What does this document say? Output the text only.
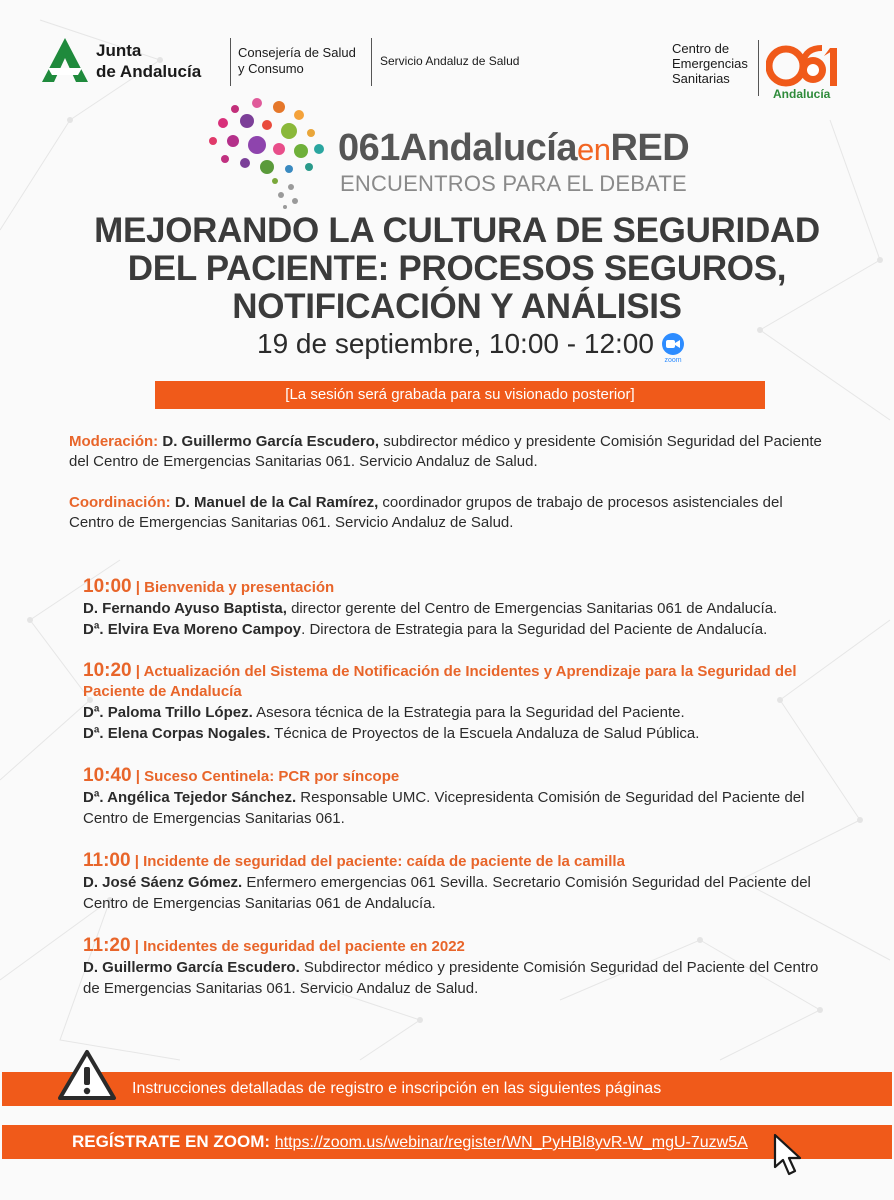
Junta
de Andalucía
Consejería de Salud
y Consumo	Servicio Andaluz de Salud
Centro de
Emergencias
Sanitarias
Andalucía
061AndalucíaenRED
ENCUENTROS PARA EL DEBATE
MEJORANDO LA CULTURA DE SEGURIDAD
DEL PACIENTE: PROCESOS SEGUROS,
NOTIFICACIÓN Y ANÁLISIS
19 de septiembre, 10:00 - 12:00
zoom
[La sesión será grabada para su visionado posterior]
Moderación: D. Guillermo García Escudero, subdirector médico y presidente Comisión Seguridad del Paciente
del Centro de Emergencias Sanitarias 061. Servicio Andaluz de Salud.
Coordinación: D. Manuel de la Cal Ramírez, coordinador grupos de trabajo de procesos asistenciales del
Centro de Emergencias Sanitarias 061. Servicio Andaluz de Salud.
10:00 | Bienvenida y presentación
D. Fernando Ayuso Baptista, director gerente del Centro de Emergencias Sanitarias 061 de Andalucía.
Dª. Elvira Eva Moreno Campoy. Directora de Estrategia para la Seguridad del Paciente de Andalucía.
10:20 | Actualización del Sistema de Notificación de Incidentes y Aprendizaje para la Seguridad del
Paciente de Andalucía
Dª. Paloma Trillo López. Asesora técnica de la Estrategia para la Seguridad del Paciente.
Dª. Elena Corpas Nogales. Técnica de Proyectos de la Escuela Andaluza de Salud Pública.
10:40 | Suceso Centinela: PCR por síncope
Dª. Angélica Tejedor Sánchez. Responsable UMC. Vicepresidenta Comisión de Seguridad del Paciente del
Centro de Emergencias Sanitarias 061.
11:00 | Incidente de seguridad del paciente: caída de paciente de la camilla
D. José Sáenz Gómez. Enfermero emergencias 061 Sevilla. Secretario Comisión Seguridad del Paciente del
Centro de Emergencias Sanitarias 061 de Andalucía.
11:20 | Incidentes de seguridad del paciente en 2022
D. Guillermo García Escudero. Subdirector médico y presidente Comisión Seguridad del Paciente del Centro
de Emergencias Sanitarias 061. Servicio Andaluz de Salud.
Instrucciones detalladas de registro e inscripción en las siguientes páginas
REGÍSTRATE EN ZOOM: https://zoom.us/webinar/register/WN_PyHBl8yvR-W_mgU-7uzw5A
